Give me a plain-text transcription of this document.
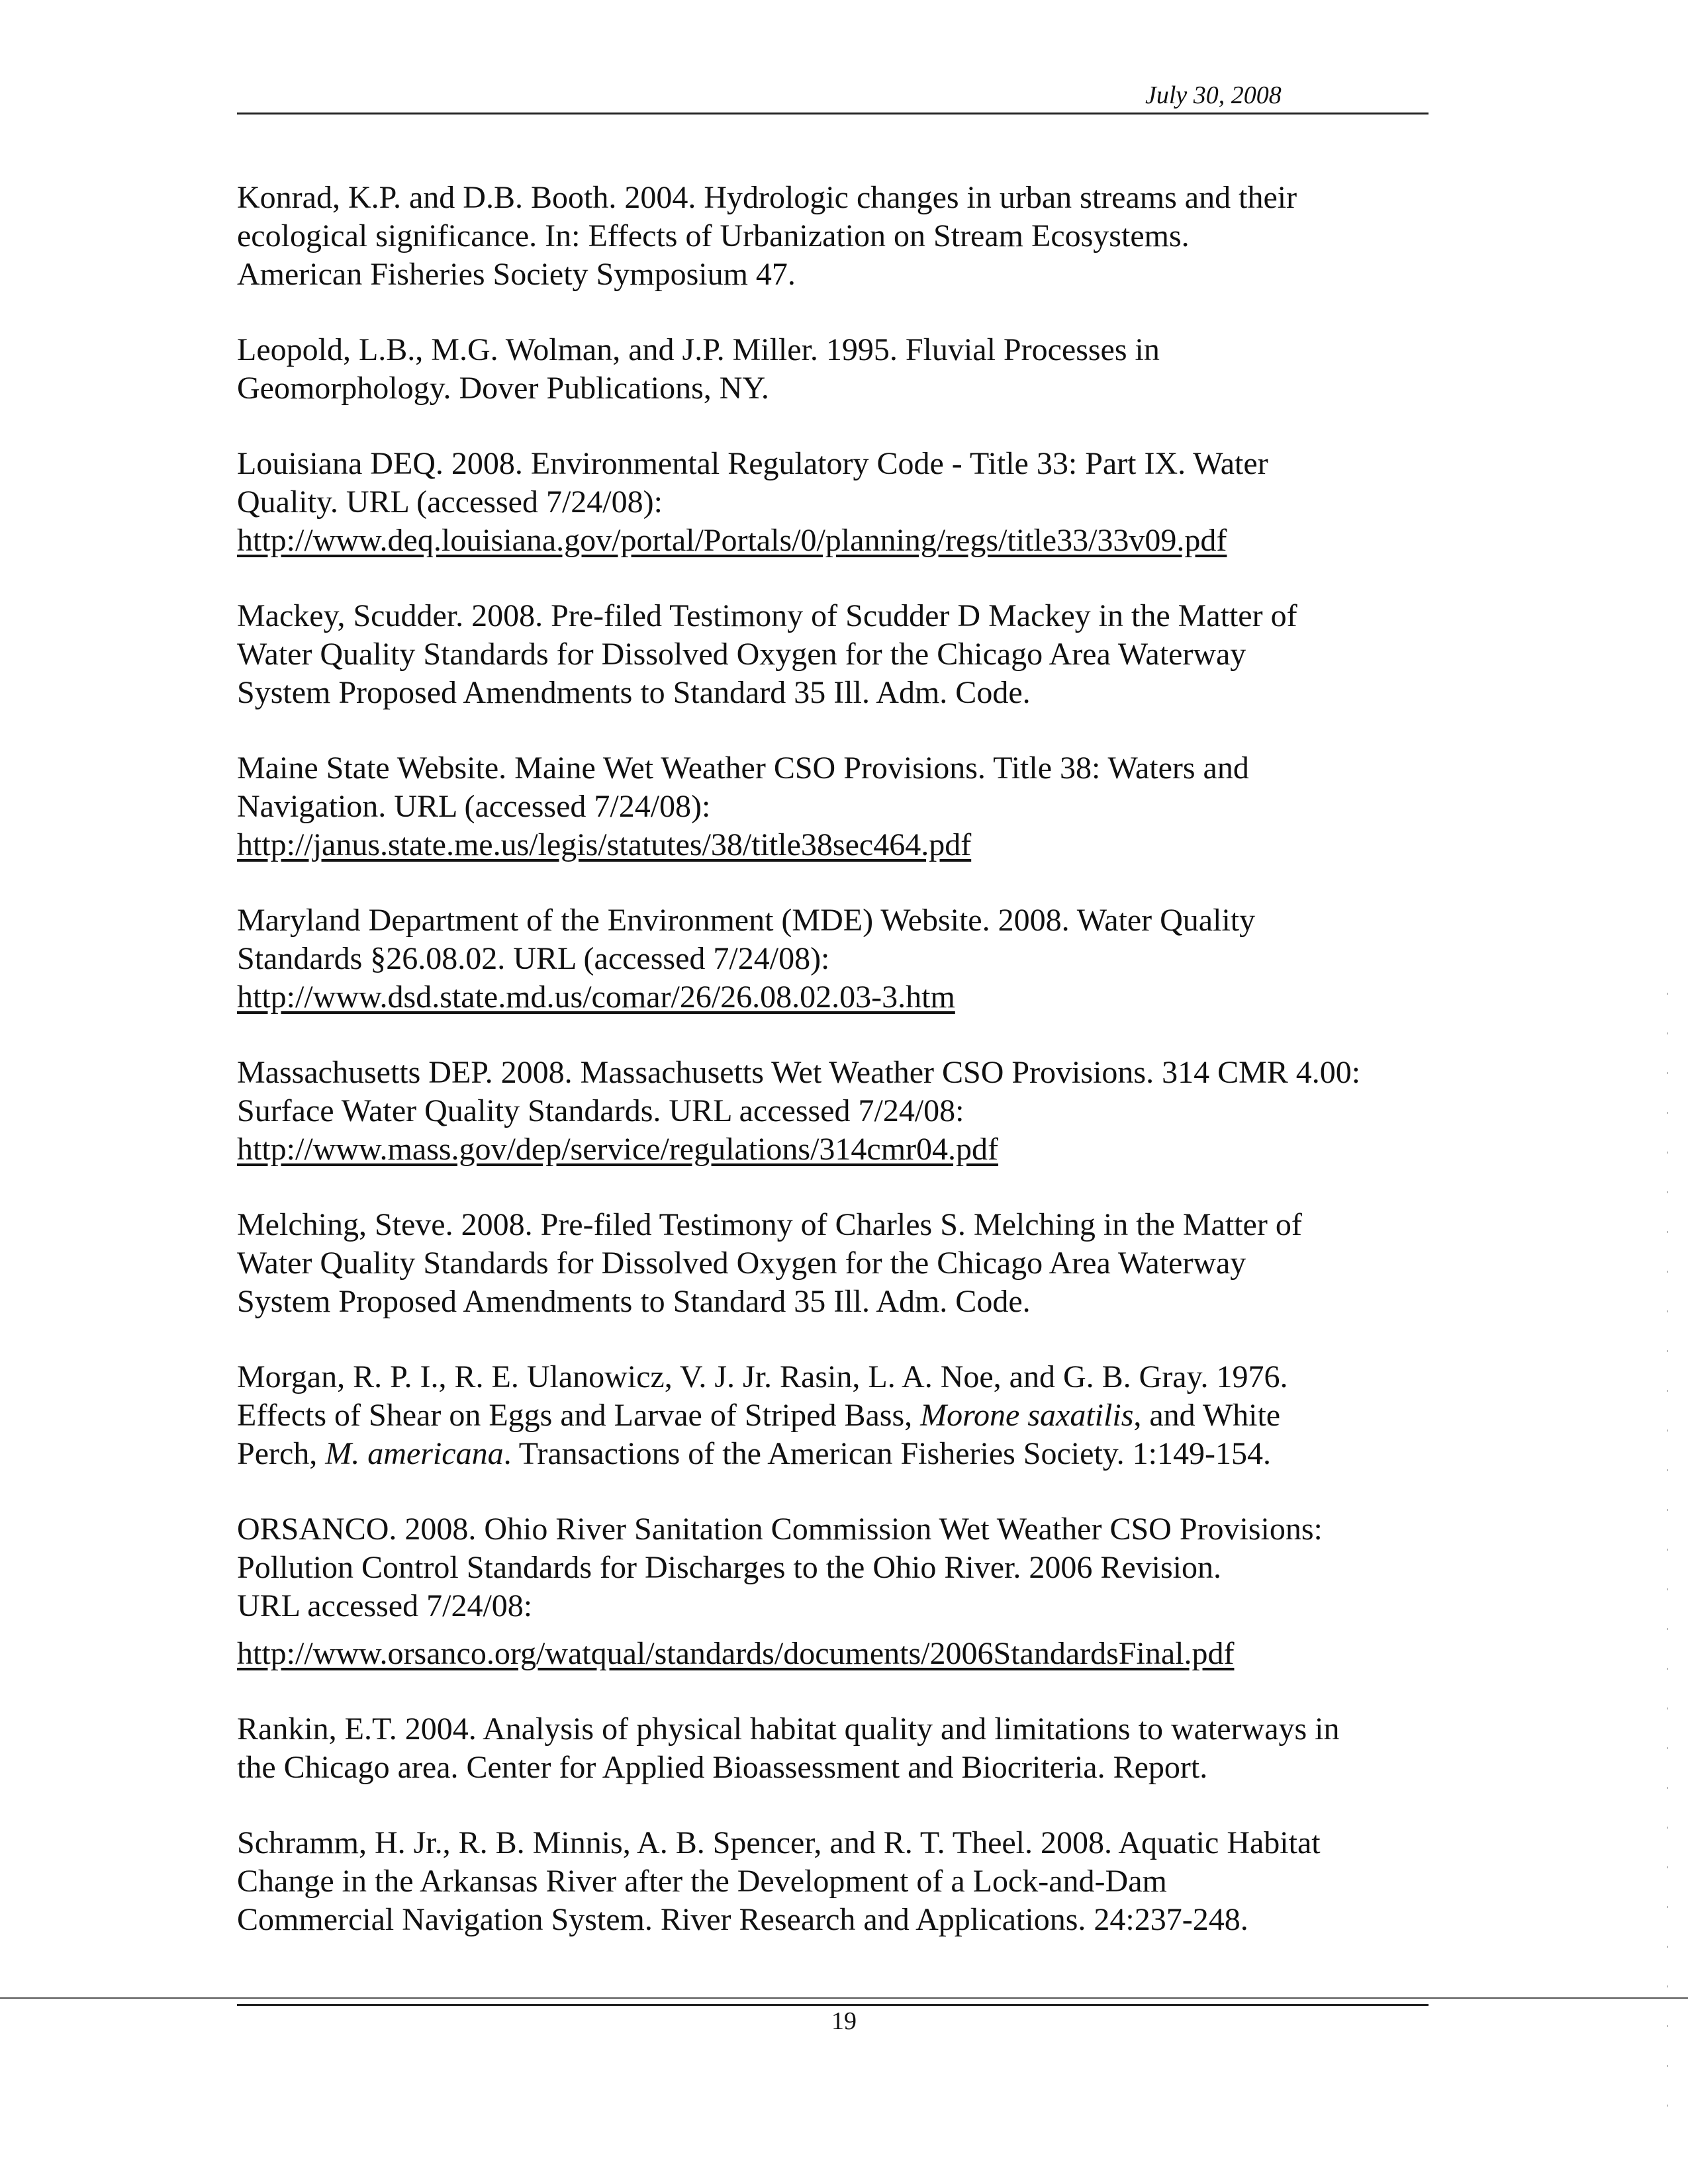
July 30, 2008
Konrad, K.P. and D.B. Booth. 2004. Hydrologic changes in urban streams and their
ecological significance. In: Effects of Urbanization on Stream Ecosystems.
American Fisheries Society Symposium 47.
Leopold, L.B., M.G. Wolman, and J.P. Miller. 1995. Fluvial Processes in
Geomorphology. Dover Publications, NY.
Louisiana DEQ. 2008. Environmental Regulatory Code - Title 33: Part IX. Water
Quality. URL (accessed 7/24/08):
http://www.deq.louisiana.gov/portal/Portals/0/planning/regs/title33/33v09.pdf
Mackey, Scudder. 2008. Pre-filed Testimony of Scudder D Mackey in the Matter of
Water Quality Standards for Dissolved Oxygen for the Chicago Area Waterway
System Proposed Amendments to Standard 35 Ill. Adm. Code.
Maine State Website. Maine Wet Weather CSO Provisions. Title 38: Waters and
Navigation. URL (accessed 7/24/08):
http://janus.state.me.us/legis/statutes/38/title38sec464.pdf
Maryland Department of the Environment (MDE) Website. 2008. Water Quality
Standards §26.08.02. URL (accessed 7/24/08):
http://www.dsd.state.md.us/comar/26/26.08.02.03-3.htm
Massachusetts DEP. 2008. Massachusetts Wet Weather CSO Provisions. 314 CMR 4.00:
Surface Water Quality Standards. URL accessed 7/24/08:
http://www.mass.gov/dep/service/regulations/314cmr04.pdf
Melching, Steve. 2008. Pre-filed Testimony of Charles S. Melching in the Matter of
Water Quality Standards for Dissolved Oxygen for the Chicago Area Waterway
System Proposed Amendments to Standard 35 Ill. Adm. Code.
Morgan, R. P. I., R. E. Ulanowicz, V. J. Jr. Rasin, L. A. Noe, and G. B. Gray. 1976.
Effects of Shear on Eggs and Larvae of Striped Bass, Morone saxatilis, and White
Perch, M. americana. Transactions of the American Fisheries Society. 1:149-154.
ORSANCO. 2008. Ohio River Sanitation Commission Wet Weather CSO Provisions:
Pollution Control Standards for Discharges to the Ohio River. 2006 Revision.
URL accessed 7/24/08:
http://www.orsanco.org/watqual/standards/documents/2006StandardsFinal.pdf
Rankin, E.T. 2004. Analysis of physical habitat quality and limitations to waterways in
the Chicago area. Center for Applied Bioassessment and Biocriteria. Report.
Schramm, H. Jr., R. B. Minnis, A. B. Spencer, and R. T. Theel. 2008. Aquatic Habitat
Change in the Arkansas River after the Development of a Lock-and-Dam
Commercial Navigation System. River Research and Applications. 24:237-248.
19
